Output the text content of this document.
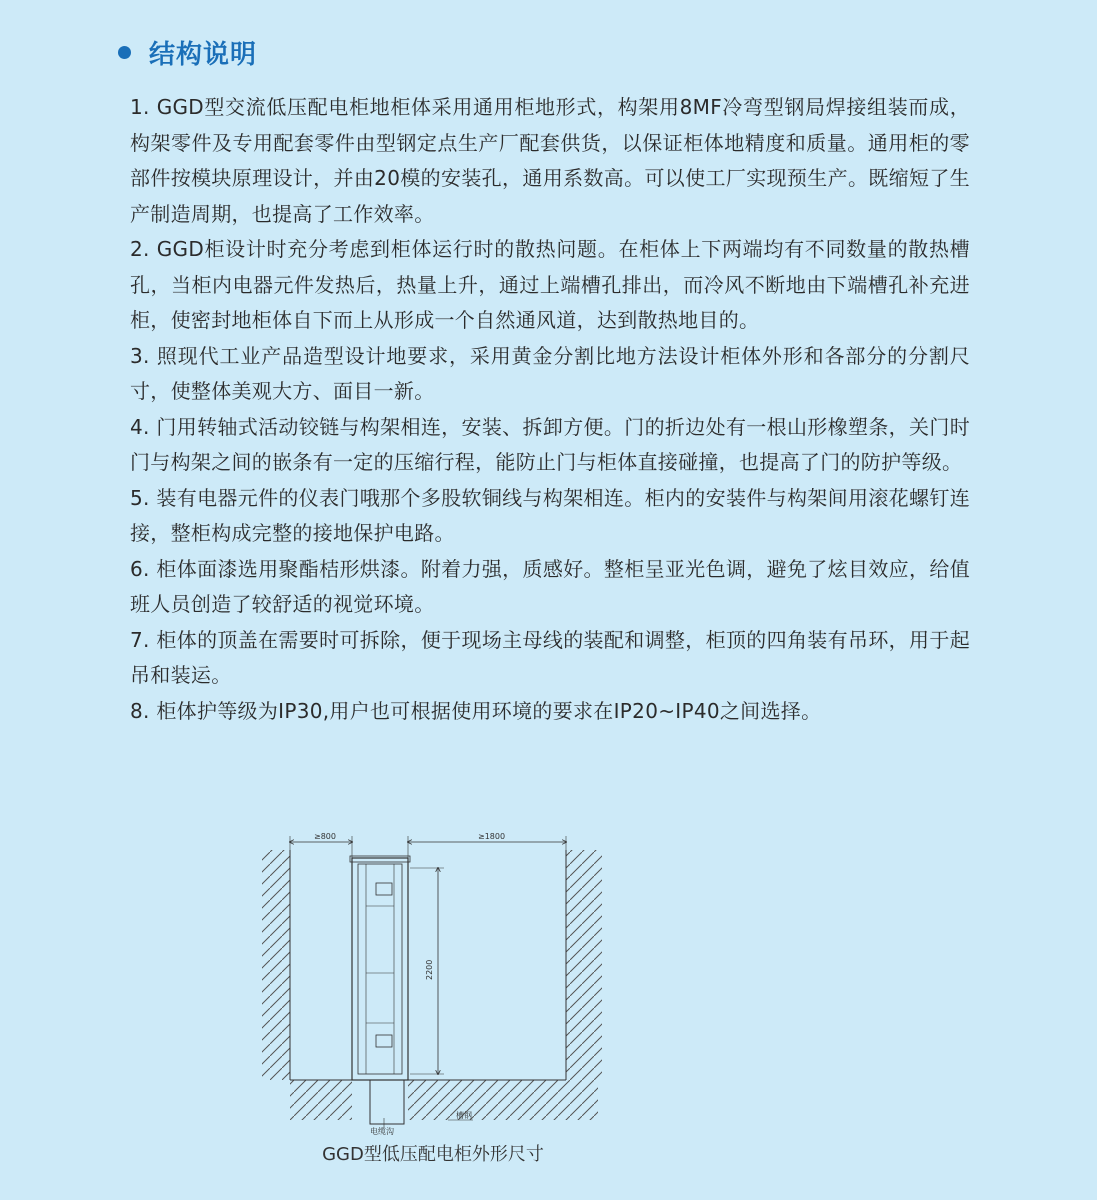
结构说明

1. GGD型交流低压配电柜地柜体采用通用柜地形式，构架用8MF冷弯型钢局焊接组装而成，构架零件及专用配套零件由型钢定点生产厂配套供货，以保证柜体地精度和质量。通用柜的零部件按模块原理设计，并由20模的安装孔，通用系数高。可以使工厂实现预生产。既缩短了生产制造周期，也提高了工作效率。

2. GGD柜设计时充分考虑到柜体运行时的散热问题。在柜体上下两端均有不同数量的散热槽孔，当柜内电器元件发热后，热量上升，通过上端槽孔排出，而冷风不断地由下端槽孔补充进柜，使密封地柜体自下而上从形成一个自然通风道，达到散热地目的。

3. 照现代工业产品造型设计地要求，采用黄金分割比地方法设计柜体外形和各部分的分割尺寸，使整体美观大方、面目一新。

4. 门用转轴式活动铰链与构架相连，安装、拆卸方便。门的折边处有一根山形橡塑条，关门时门与构架之间的嵌条有一定的压缩行程，能防止门与柜体直接碰撞，也提高了门的防护等级。

5. 装有电器元件的仪表门哦那个多股软铜线与构架相连。柜内的安装件与构架间用滚花螺钉连接，整柜构成完整的接地保护电路。

6. 柜体面漆选用聚酯桔形烘漆。附着力强，质感好。整柜呈亚光色调，避免了炫目效应，给值班人员创造了较舒适的视觉环境。

7. 柜体的顶盖在需要时可拆除，便于现场主母线的装配和调整，柜顶的四角装有吊环，用于起吊和装运。

8. 柜体护等级为IP30,用户也可根据使用环境的要求在IP20~IP40之间选择。

≥800	≥1800
2200
电缆沟
槽钢
GGD型低压配电柜外形尺寸
